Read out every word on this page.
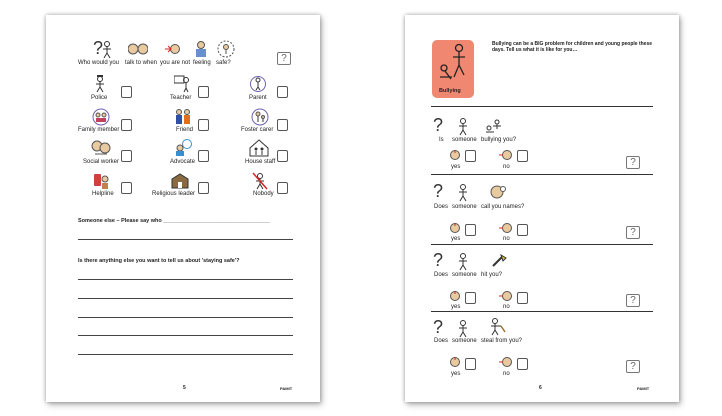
?
Who would you talk to when you are not feeling safe?	?
Police	Teacher	Parent
Family member	Friend	Foster carer
Social worker	Advocate	House staff
Helpline	Religious leader	Nobody
Someone else – Please say who ___________________________________
Is there anything else you want to tell us about 'staying safe'?
5	PAMIT
Bullying
Bullying can be a BIG problem for children and young people these days. Tell us what it is like for you…
?
Is someone bullying you?
yes	no	?
?
Does someone call you names?
yes	no
?
?
Does someone hit you?
yes	no
?
?
Does someone steal from you?
yes	no
?
6	PAMIT
